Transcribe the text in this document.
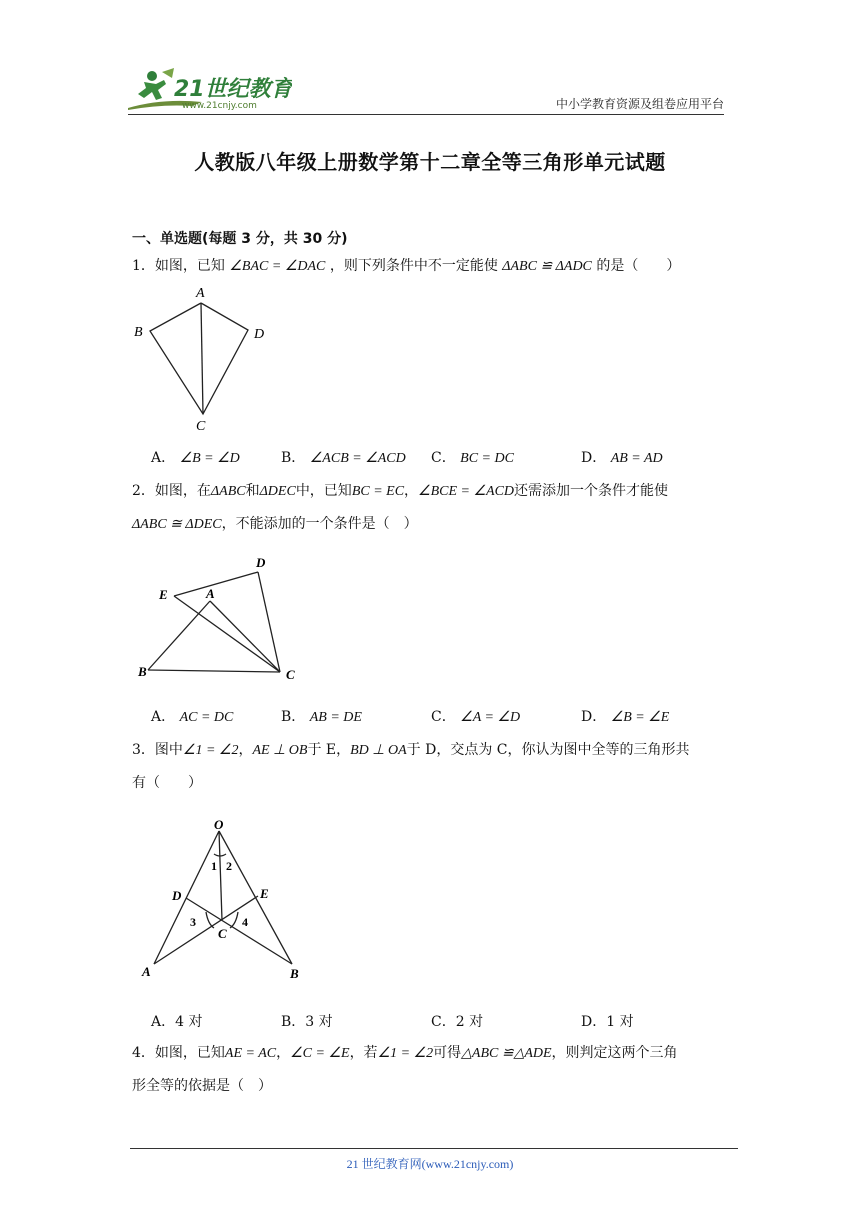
21世纪教育
www.21cnjy.com	中小学教育资源及组卷应用平台
人教版八年级上册数学第十二章全等三角形单元试题
一、单选题(每题 3 分，共 30 分)
1．如图，已知 ∠BAC = ∠DAC ，则下列条件中不一定能使 ΔABC ≌ ΔADC 的是（　　）
A
B
C
D
A． ∠B = ∠D	B． ∠ACB = ∠ACD C． BC = DC	D． AB = AD
2．如图，在ΔABC和ΔDEC中，已知BC = EC，∠BCE = ∠ACD还需添加一个条件才能使
ΔABC ≅ ΔDEC，不能添加的一个条件是（　）
D
E	A
B	C
A． AC = DC	B． AB = DE	C． ∠A = ∠D	D． ∠B = ∠E
3．图中∠1 = ∠2，AE ⊥ OB于 E，BD ⊥ OA于 D，交点为 C，你认为图中全等的三角形共
有（　　）
O
1 2
D	E
3	4
C
A	B
A．4 对	B．3 对	C．2 对	D．1 对
4．如图，已知AE = AC，∠C = ∠E，若∠1 = ∠2可得△ABC ≌△ADE，则判定这两个三角
形全等的依据是（　）
21 世纪教育网(www.21cnjy.com)
